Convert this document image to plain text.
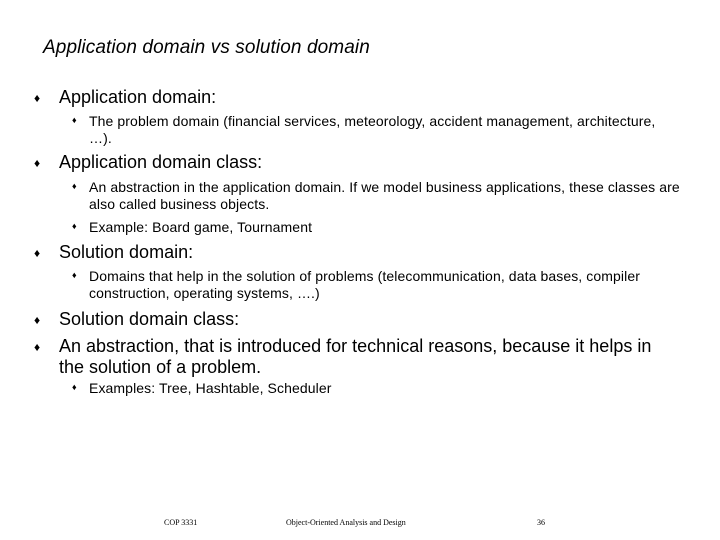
Application domain vs solution domain
♦ Application domain:
♦ The problem domain (financial services, meteorology, accident management, architecture, …).
♦ Application domain class:
♦ An abstraction in the application domain. If we model business applications, these classes are also called business objects.
♦ Example: Board game, Tournament
♦ Solution domain:
♦ Domains that help in the solution of problems (telecommunication, data bases, compiler construction, operating systems, ….)
♦ Solution domain class:
♦ An abstraction, that is introduced for technical reasons, because it helps in the solution of a problem.
♦ Examples: Tree, Hashtable, Scheduler
COP 3331	Object-Oriented Analysis and Design	36
